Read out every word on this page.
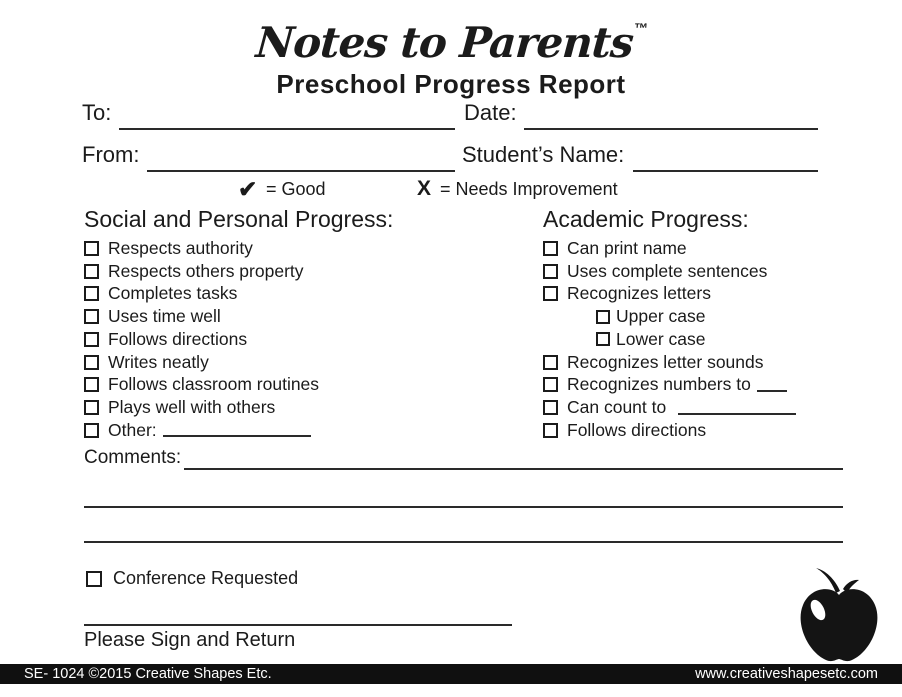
Notes to Parents™
Preschool Progress Report
To:	Date:
From:	Student’s Name:
✔ = Good	X = Needs Improvement
Social and Personal Progress:	Academic Progress:
Respects authority
Respects others property
Completes tasks
Uses time well
Follows directions
Writes neatly
Follows classroom routines
Plays well with others
Other:
Can print name
Uses complete sentences
Recognizes letters
Upper case
Lower case
Recognizes letter sounds
Recognizes numbers to
Can count to
Follows directions
Comments:
Conference Requested
Please Sign and Return
SE- 1024 ©2015 Creative Shapes Etc.	www.creativeshapesetc.com
